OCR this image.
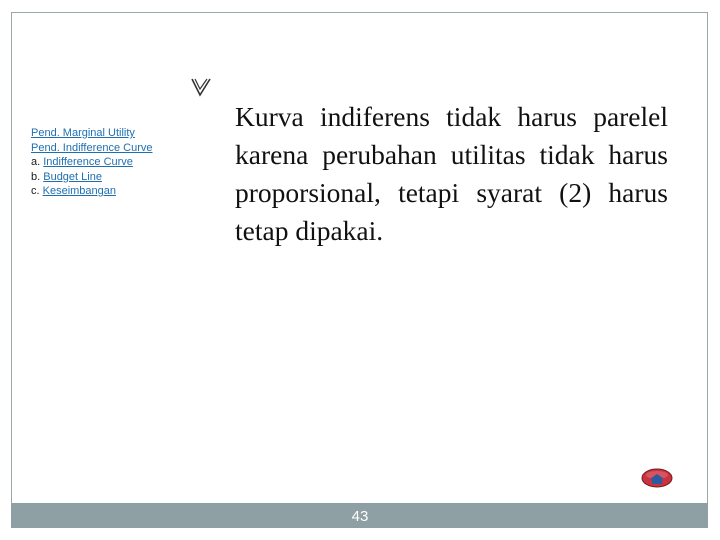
Pend. Marginal Utility
Pend. Indifference Curve
a. Indifference Curve
b. Budget Line
c. Keseimbangan

Kurva indiferens tidak harus parelel karena perubahan utilitas tidak harus proporsional, tetapi syarat (2) harus tetap dipakai.

43
